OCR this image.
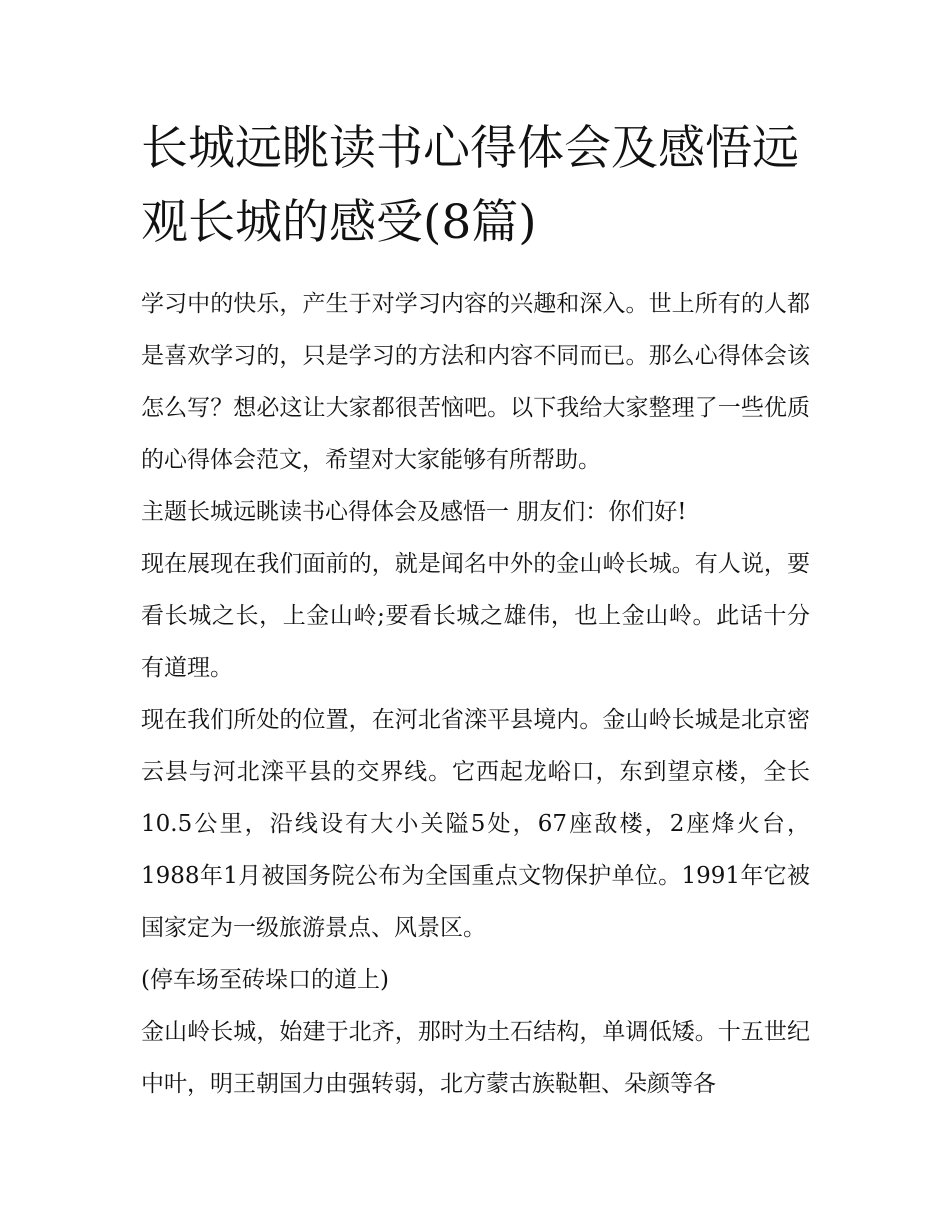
长城远眺读书心得体会及感悟远观长城的感受(8篇)

学习中的快乐，产生于对学习内容的兴趣和深入。世上所有的人都是喜欢学习的，只是学习的方法和内容不同而已。那么心得体会该怎么写？想必这让大家都很苦恼吧。以下我给大家整理了一些优质的心得体会范文，希望对大家能够有所帮助。

主题长城远眺读书心得体会及感悟一 朋友们：你们好!

现在展现在我们面前的，就是闻名中外的金山岭长城。有人说，要看长城之长，上金山岭;要看长城之雄伟，也上金山岭。此话十分有道理。

现在我们所处的位置，在河北省滦平县境内。金山岭长城是北京密云县与河北滦平县的交界线。它西起龙峪口，东到望京楼，全长10.5公里，沿线设有大小关隘5处，67座敌楼，2座烽火台，1988年1月被国务院公布为全国重点文物保护单位。1991年它被国家定为一级旅游景点、风景区。

(停车场至砖垛口的道上)

金山岭长城，始建于北齐，那时为土石结构，单调低矮。十五世纪中叶，明王朝国力由强转弱，北方蒙古族鞑靼、朵颜等各
